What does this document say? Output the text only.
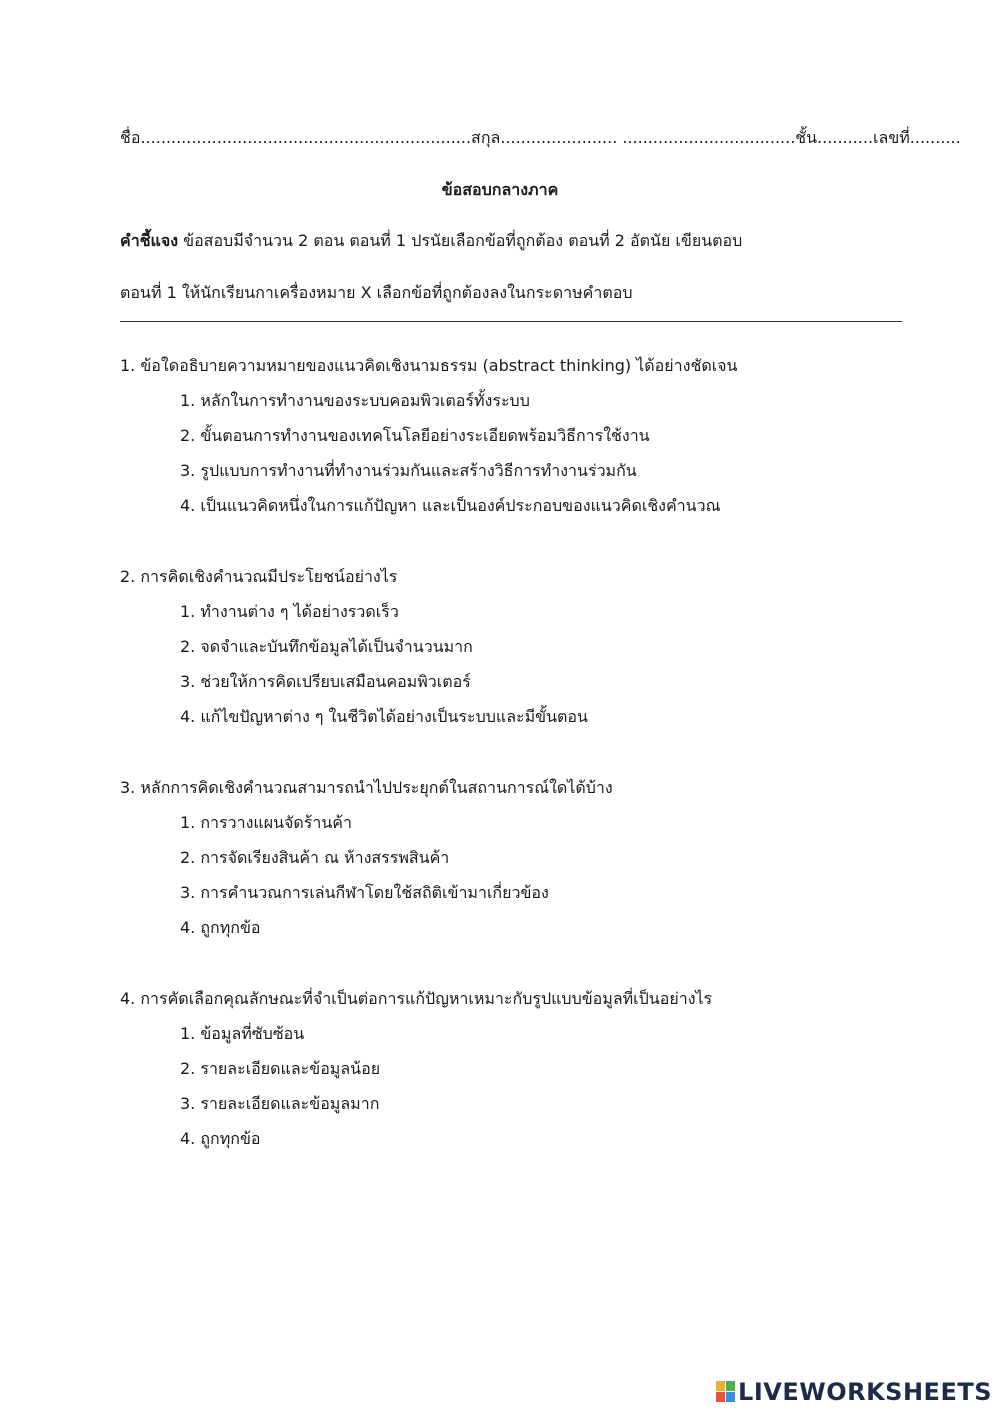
ชื่อ.................................................................สกุล....................... ..................................ชั้น...........เลขที่..........
ข้อสอบกลางภาค
คำชี้แจง ข้อสอบมีจำนวน 2 ตอน ตอนที่ 1 ปรนัยเลือกข้อที่ถูกต้อง ตอนที่ 2 อัตนัย เขียนตอบ
ตอนที่ 1 ให้นักเรียนกาเครื่องหมาย X เลือกข้อที่ถูกต้องลงในกระดาษคำตอบ
1. ข้อใดอธิบายความหมายของแนวคิดเชิงนามธรรม (abstract thinking) ได้อย่างชัดเจน
1. หลักในการทำงานของระบบคอมพิวเตอร์ทั้งระบบ
2. ขั้นตอนการทำงานของเทคโนโลยีอย่างระเอียดพร้อมวิธีการใช้งาน
3. รูปแบบการทำงานที่ทำงานร่วมกันและสร้างวิธีการทำงานร่วมกัน
4. เป็นแนวคิดหนึ่งในการแก้ปัญหา และเป็นองค์ประกอบของแนวคิดเชิงคำนวณ
2. การคิดเชิงคำนวณมีประโยชน์อย่างไร
1. ทำงานต่าง ๆ ได้อย่างรวดเร็ว
2. จดจำและบันทึกข้อมูลได้เป็นจำนวนมาก
3. ช่วยให้การคิดเปรียบเสมือนคอมพิวเตอร์
4. แก้ไขปัญหาต่าง ๆ ในชีวิตได้อย่างเป็นระบบและมีขั้นตอน
3. หลักการคิดเชิงคำนวณสามารถนำไปประยุกต์ในสถานการณ์ใดได้บ้าง
1. การวางแผนจัดร้านค้า
2. การจัดเรียงสินค้า ณ ห้างสรรพสินค้า
3. การคำนวณการเล่นกีฬาโดยใช้สถิติเข้ามาเกี่ยวข้อง
4. ถูกทุกข้อ
4. การคัดเลือกคุณลักษณะที่จำเป็นต่อการแก้ปัญหาเหมาะกับรูปแบบข้อมูลที่เป็นอย่างไร
1. ข้อมูลที่ซับซ้อน
2. รายละเอียดและข้อมูลน้อย
3. รายละเอียดและข้อมูลมาก
4. ถูกทุกข้อ
LIVEWORKSHEETS
